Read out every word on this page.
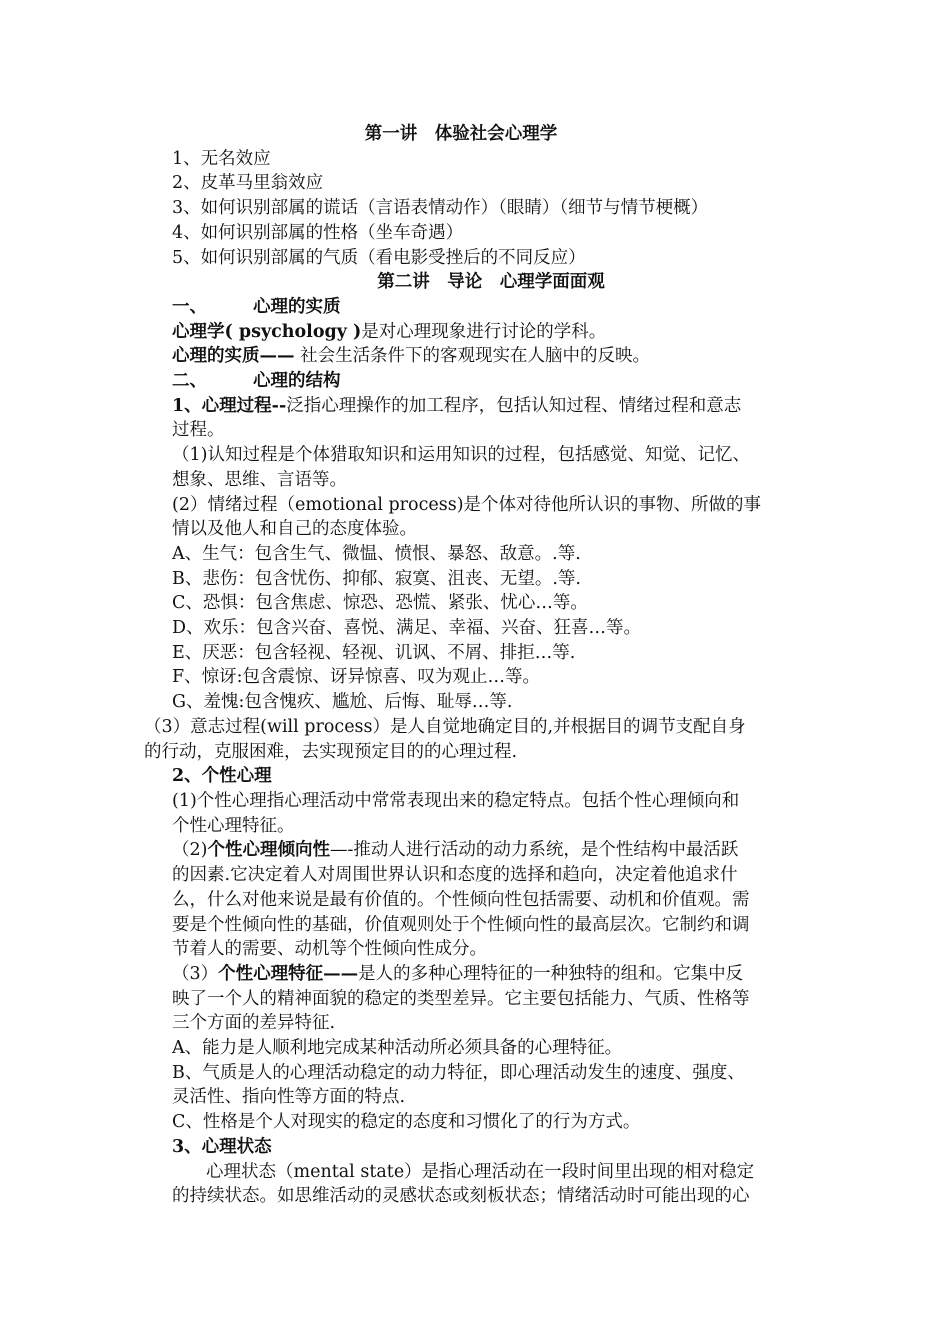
第一讲　体验社会心理学

1、无名效应

2、皮革马里翁效应

3、如何识别部属的谎话（言语表情动作）（眼睛）（细节与情节梗概）

4、如何识别部属的性格（坐车奇遇）

5、如何识别部属的气质（看电影受挫后的不同反应）

第二讲　导论　心理学面面观

一、	心理的实质

心理学( psychology )是对心理现象进行讨论的学科。

心理的实质—— 社会生活条件下的客观现实在人脑中的反映。

二、	心理的结构

1、心理过程--泛指心理操作的加工程序，包括认知过程、情绪过程和意志

过程。

（1)认知过程是个体猎取知识和运用知识的过程，包括感觉、知觉、记忆、

想象、思维、言语等。

(2）情绪过程（emotional process)是个体对待他所认识的事物、所做的事

情以及他人和自己的态度体验。

A、生气：包含生气、微愠、愤恨、暴怒、敌意。.等.

B、悲伤：包含忧伤、抑郁、寂寞、沮丧、无望。.等.

C、恐惧：包含焦虑、惊恐、恐慌、紧张、忧心…等。

D、欢乐：包含兴奋、喜悦、满足、幸福、兴奋、狂喜…等。

E、厌恶：包含轻视、轻视、讥讽、不屑、排拒…等.

F、惊讶:包含震惊、讶异惊喜、叹为观止…等。

G、羞愧:包含愧疚、尴尬、后悔、耻辱…等.

（3）意志过程(will process）是人自觉地确定目的,并根据目的调节支配自身

的行动，克服困难，去实现预定目的的心理过程.

2、个性心理

(1)个性心理指心理活动中常常表现出来的稳定特点。包括个性心理倾向和

个性心理特征。

（2)个性心理倾向性—-推动人进行活动的动力系统，是个性结构中最活跃

的因素.它决定着人对周围世界认识和态度的选择和趋向，决定着他追求什

么，什么对他来说是最有价值的。个性倾向性包括需要、动机和价值观。需

要是个性倾向性的基础，价值观则处于个性倾向性的最高层次。它制约和调

节着人的需要、动机等个性倾向性成分。

（3）个性心理特征——是人的多种心理特征的一种独特的组和。它集中反

映了一个人的精神面貌的稳定的类型差异。它主要包括能力、气质、性格等

三个方面的差异特征.

A、能力是人顺利地完成某种活动所必须具备的心理特征。

B、气质是人的心理活动稳定的动力特征，即心理活动发生的速度、强度、

灵活性、指向性等方面的特点.

C、性格是个人对现实的稳定的态度和习惯化了的行为方式。

3、心理状态

心理状态（mental state）是指心理活动在一段时间里出现的相对稳定

的持续状态。如思维活动的灵感状态或刻板状态；情绪活动时可能出现的心
